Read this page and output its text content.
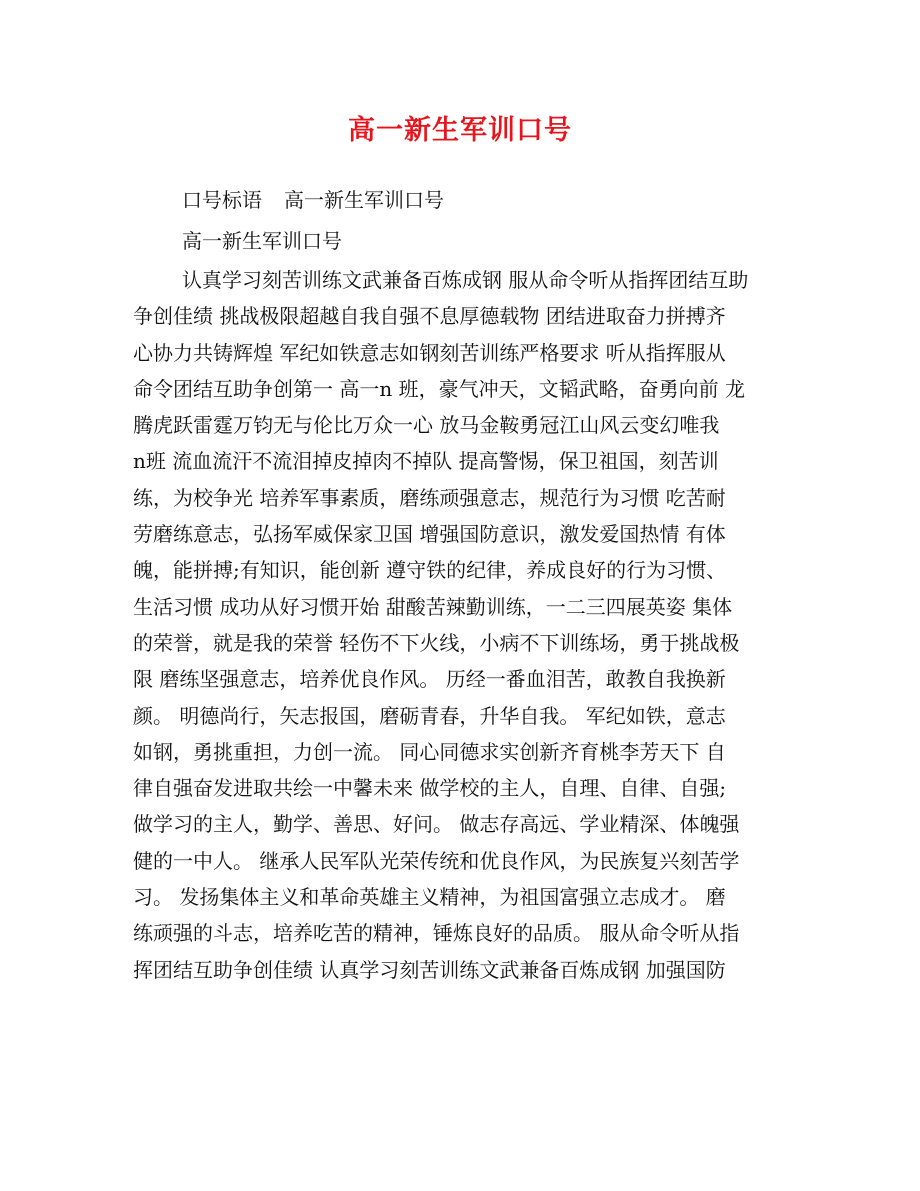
高一新生军训口号
口号标语 高一新生军训口号
高一新生军训口号
认真学习刻苦训练文武兼备百炼成钢 服从命令听从指挥团结互助
争创佳绩 挑战极限超越自我自强不息厚德载物 团结进取奋力拼搏齐
心协力共铸辉煌 军纪如铁意志如钢刻苦训练严格要求 听从指挥服从
命令团结互助争创第一 高一n 班，豪气冲天，文韬武略，奋勇向前 龙
腾虎跃雷霆万钧无与伦比万众一心 放马金鞍勇冠江山风云变幻唯我
n班 流血流汗不流泪掉皮掉肉不掉队 提高警惕，保卫祖国，刻苦训
练，为校争光 培养军事素质，磨练顽强意志，规范行为习惯 吃苦耐
劳磨练意志，弘扬军威保家卫国 增强国防意识，激发爱国热情 有体
魄，能拼搏;有知识，能创新 遵守铁的纪律，养成良好的行为习惯、
生活习惯 成功从好习惯开始 甜酸苦辣勤训练，一二三四展英姿 集体
的荣誉，就是我的荣誉 轻伤不下火线，小病不下训练场，勇于挑战极
限 磨练坚强意志，培养优良作风。 历经一番血泪苦，敢教自我换新
颜。 明德尚行，矢志报国，磨砺青春，升华自我。 军纪如铁，意志
如钢，勇挑重担，力创一流。 同心同德求实创新齐育桃李芳天下 自
律自强奋发进取共绘一中馨未来 做学校的主人，自理、自律、自强;
做学习的主人，勤学、善思、好问。 做志存高远、学业精深、体魄强
健的一中人。 继承人民军队光荣传统和优良作风，为民族复兴刻苦学
习。 发扬集体主义和革命英雄主义精神，为祖国富强立志成才。 磨
练顽强的斗志，培养吃苦的精神，锤炼良好的品质。 服从命令听从指
挥团结互助争创佳绩 认真学习刻苦训练文武兼备百炼成钢 加强国防
